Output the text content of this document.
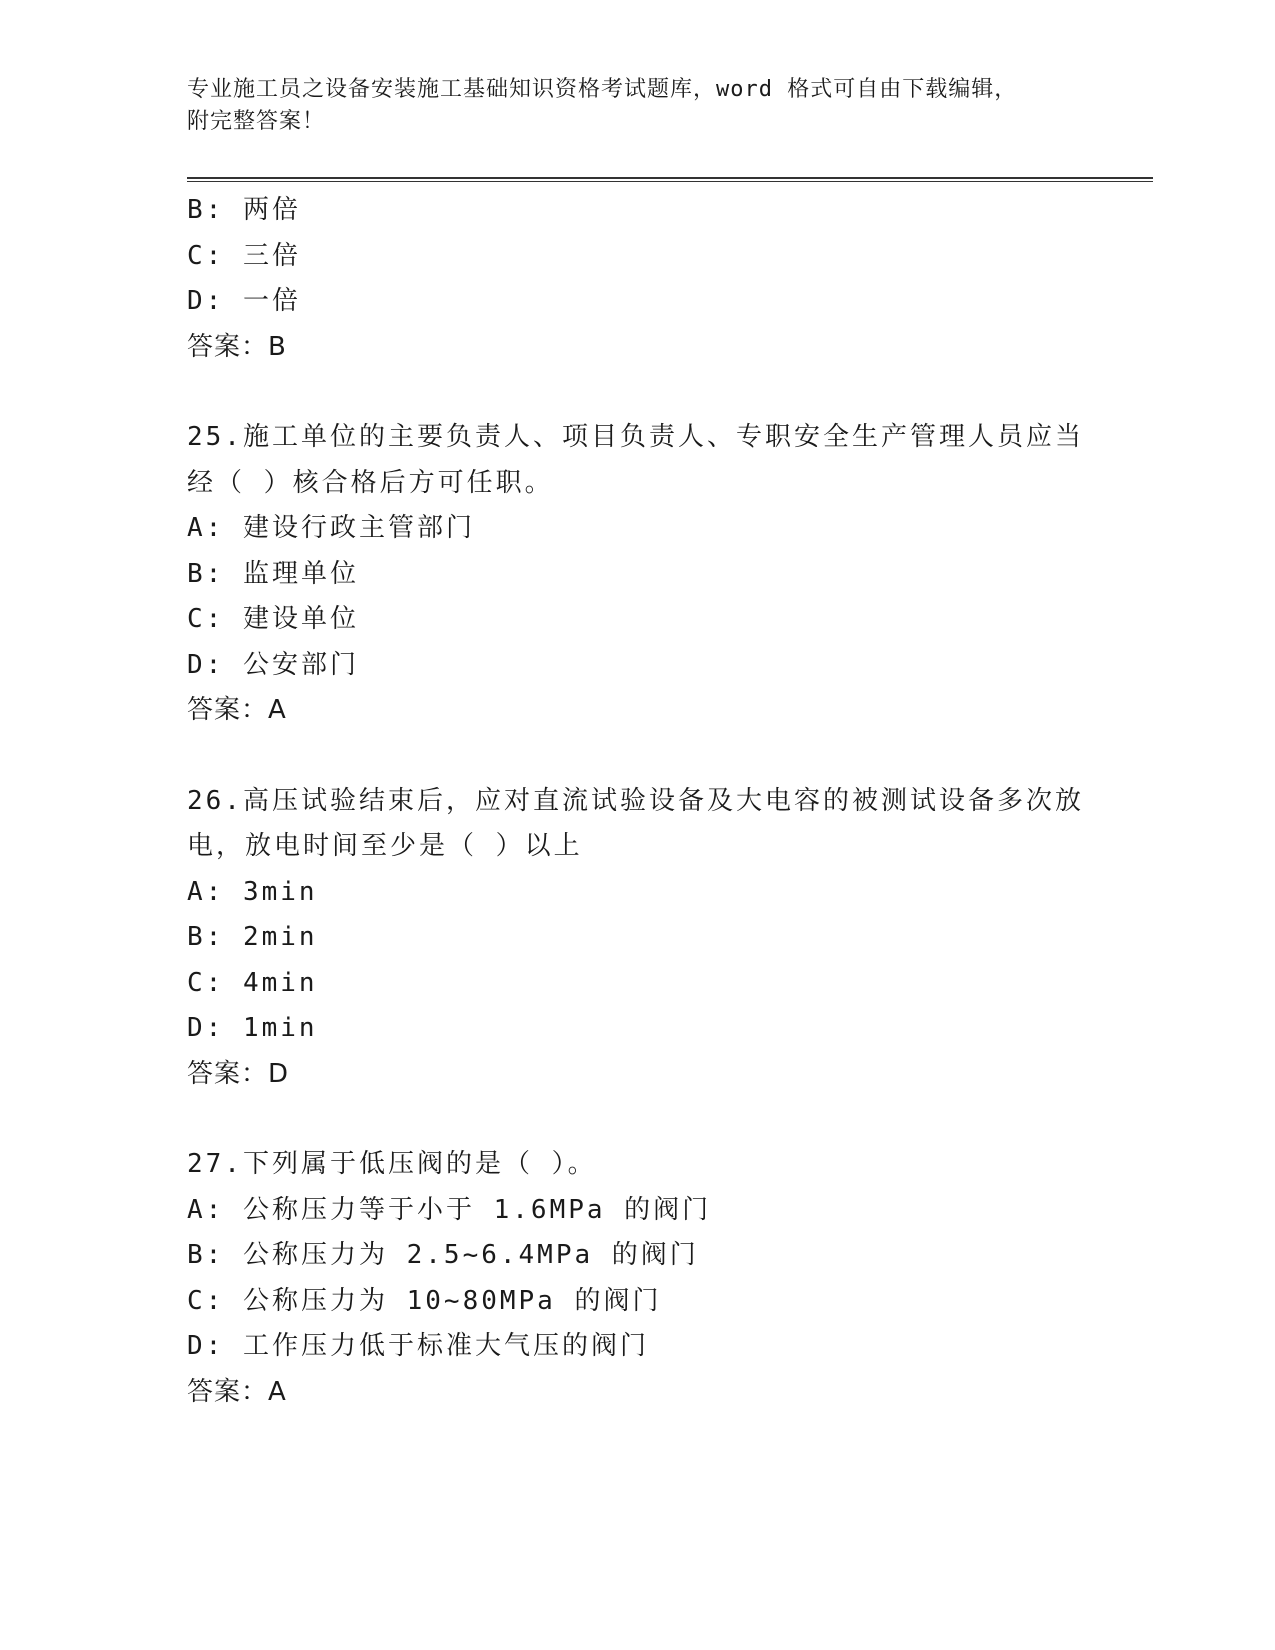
专业施工员之设备安装施工基础知识资格考试题库，word 格式可自由下载编辑，
附完整答案！
B: 两倍
C: 三倍
D: 一倍
答案：B
25.施工单位的主要负责人、项目负责人、专职安全生产管理人员应当
经（ ）核合格后方可任职。
A: 建设行政主管部门
B: 监理单位
C: 建设单位
D: 公安部门
答案：A
26.高压试验结束后，应对直流试验设备及大电容的被测试设备多次放
电，放电时间至少是（ ）以上
A: 3min
B: 2min
C: 4min
D: 1min
答案：D
27.下列属于低压阀的是（ ）。
A: 公称压力等于小于 1.6MPa 的阀门
B: 公称压力为 2.5~6.4MPa 的阀门
C: 公称压力为 10~80MPa 的阀门
D: 工作压力低于标准大气压的阀门
答案：A
